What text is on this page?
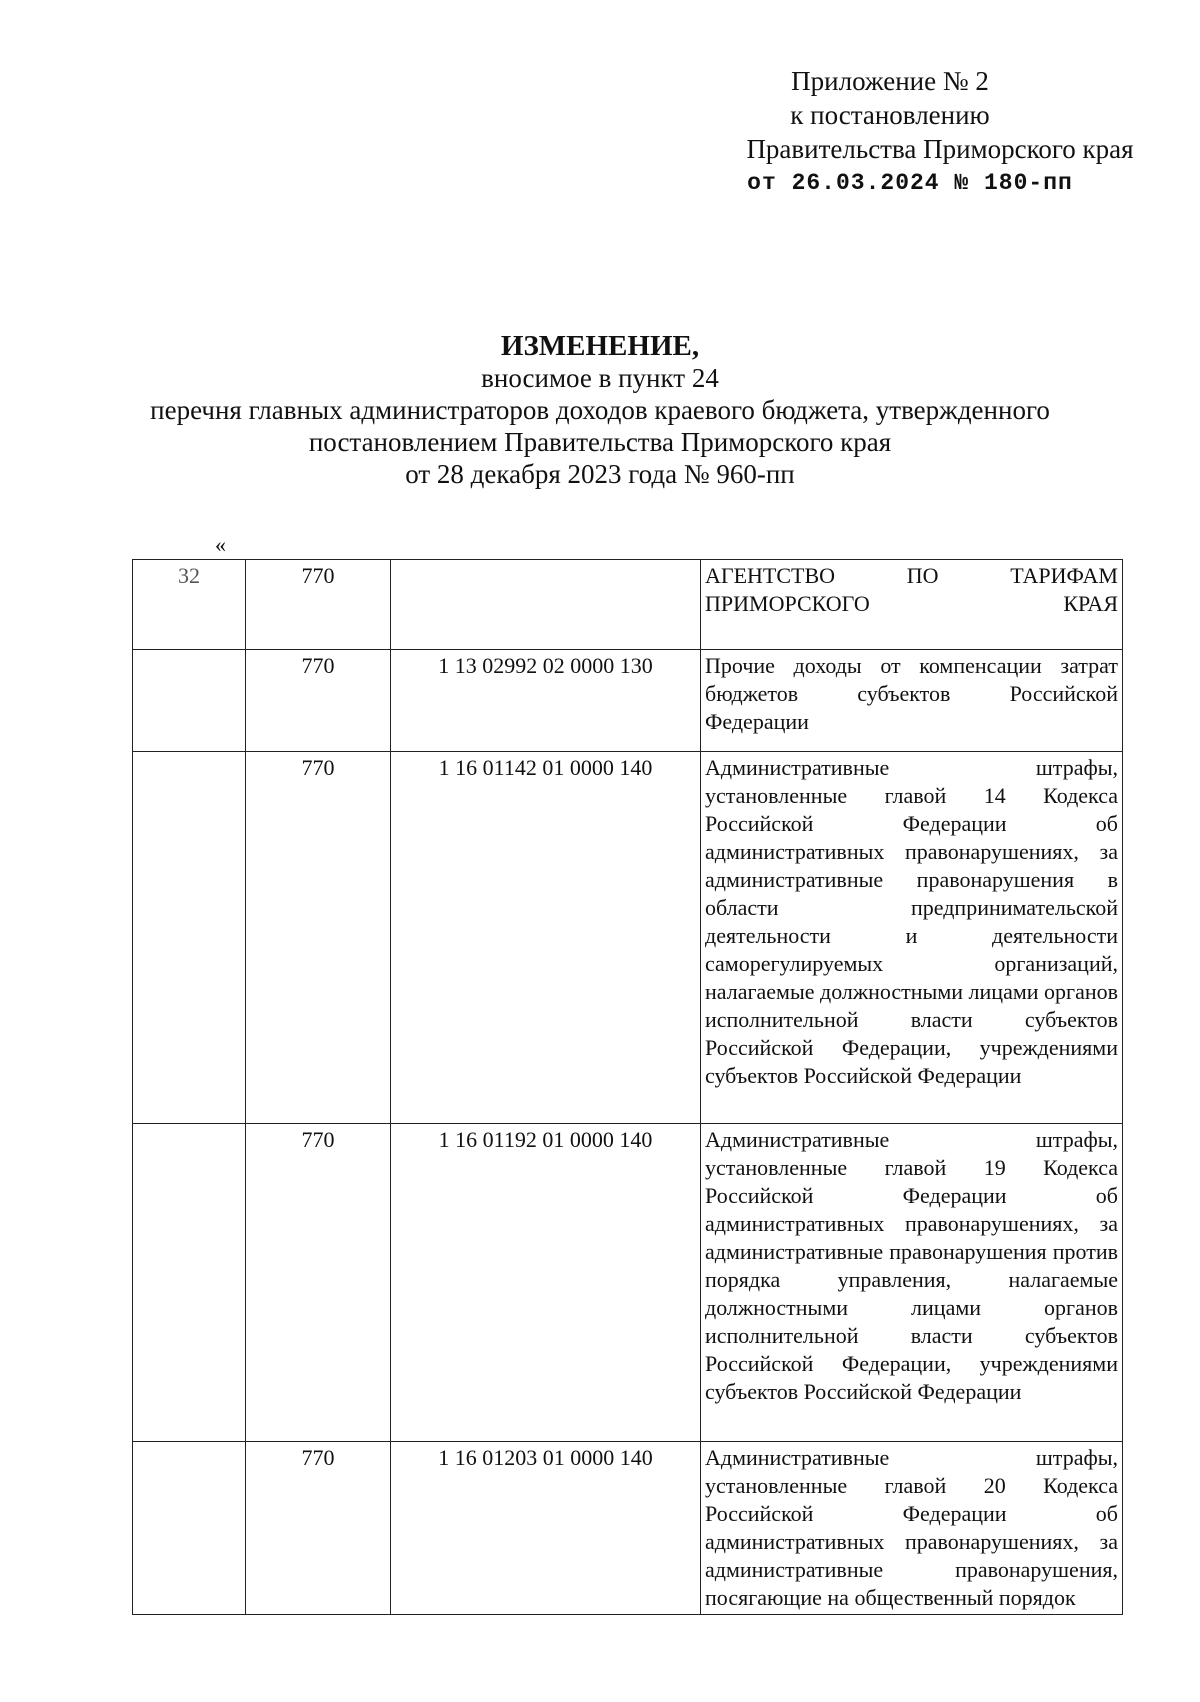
Приложение № 2
к постановлению
Правительства Приморского края
от 26.03.2024 № 180-пп
ИЗМЕНЕНИЕ,
вносимое в пункт 24
перечня главных администраторов доходов краевого бюджета, утвержденного
постановлением Правительства Приморского края
от 28 декабря 2023 года № 960-пп
«
32	770		АГЕНТСТВО ПО ТАРИФАМ ПРИМОРСКОГО КРАЯ
	770	1 13 02992 02 0000 130	Прочие доходы от компенсации затрат бюджетов субъектов Российской Федерации
	770	1 16 01142 01 0000 140	Административные штрафы, установленные главой 14 Кодекса Российской Федерации об административных правонарушениях, за административные правонарушения в области предпринимательской деятельности и деятельности саморегулируемых организаций, налагаемые должностными лицами органов исполнительной власти субъектов Российской Федерации, учреждениями субъектов Российской Федерации
	770	1 16 01192 01 0000 140	Административные штрафы, установленные главой 19 Кодекса Российской Федерации об административных правонарушениях, за административные правонарушения против порядка управления, налагаемые должностными лицами органов исполнительной власти субъектов Российской Федерации, учреждениями субъектов Российской Федерации
	770	1 16 01203 01 0000 140	Административные штрафы, установленные главой 20 Кодекса Российской Федерации об административных правонарушениях, за административные правонарушения, посягающие на общественный порядок
